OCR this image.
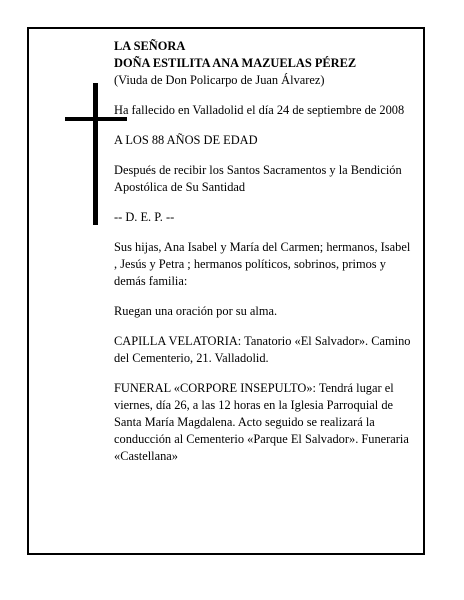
LA SEÑORA
DOÑA ESTILITA ANA MAZUELAS PÉREZ
(Viuda de Don Policarpo de Juan Álvarez)

Ha fallecido en Valladolid el día 24 de septiembre de 2008

A LOS 88 AÑOS DE EDAD

Después de recibir los Santos Sacramentos y la Bendición Apostólica de Su Santidad

-- D. E. P. --

Sus hijas, Ana Isabel y María del Carmen; hermanos, Isabel , Jesús y Petra ; hermanos políticos, sobrinos, primos y demás familia:

Ruegan una oración por su alma.

CAPILLA VELATORIA: Tanatorio «El Salvador». Camino del Cementerio, 21. Valladolid.

FUNERAL «CORPORE INSEPULTO»: Tendrá lugar el viernes, día 26, a las 12 horas en la Iglesia Parroquial de Santa María Magdalena. Acto seguido se realizará la conducción al Cementerio «Parque El Salvador». Funeraria «Castellana»
